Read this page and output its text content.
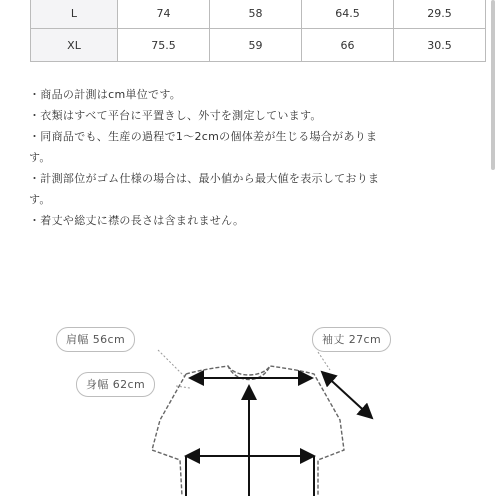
L	74	58	64.5	29.5
XL	75.5	59	66	30.5
・商品の計測はcm単位です。
・衣類はすべて平台に平置きし、外寸を測定しています。
・同商品でも、生産の過程で1〜2cmの個体差が生じる場合がありま
す。
・計測部位がゴム仕様の場合は、最小値から最大値を表示しておりま
す。
・着丈や総丈に襟の長さは含まれません。
肩幅 56cm	袖丈 27cm
身幅 62cm
